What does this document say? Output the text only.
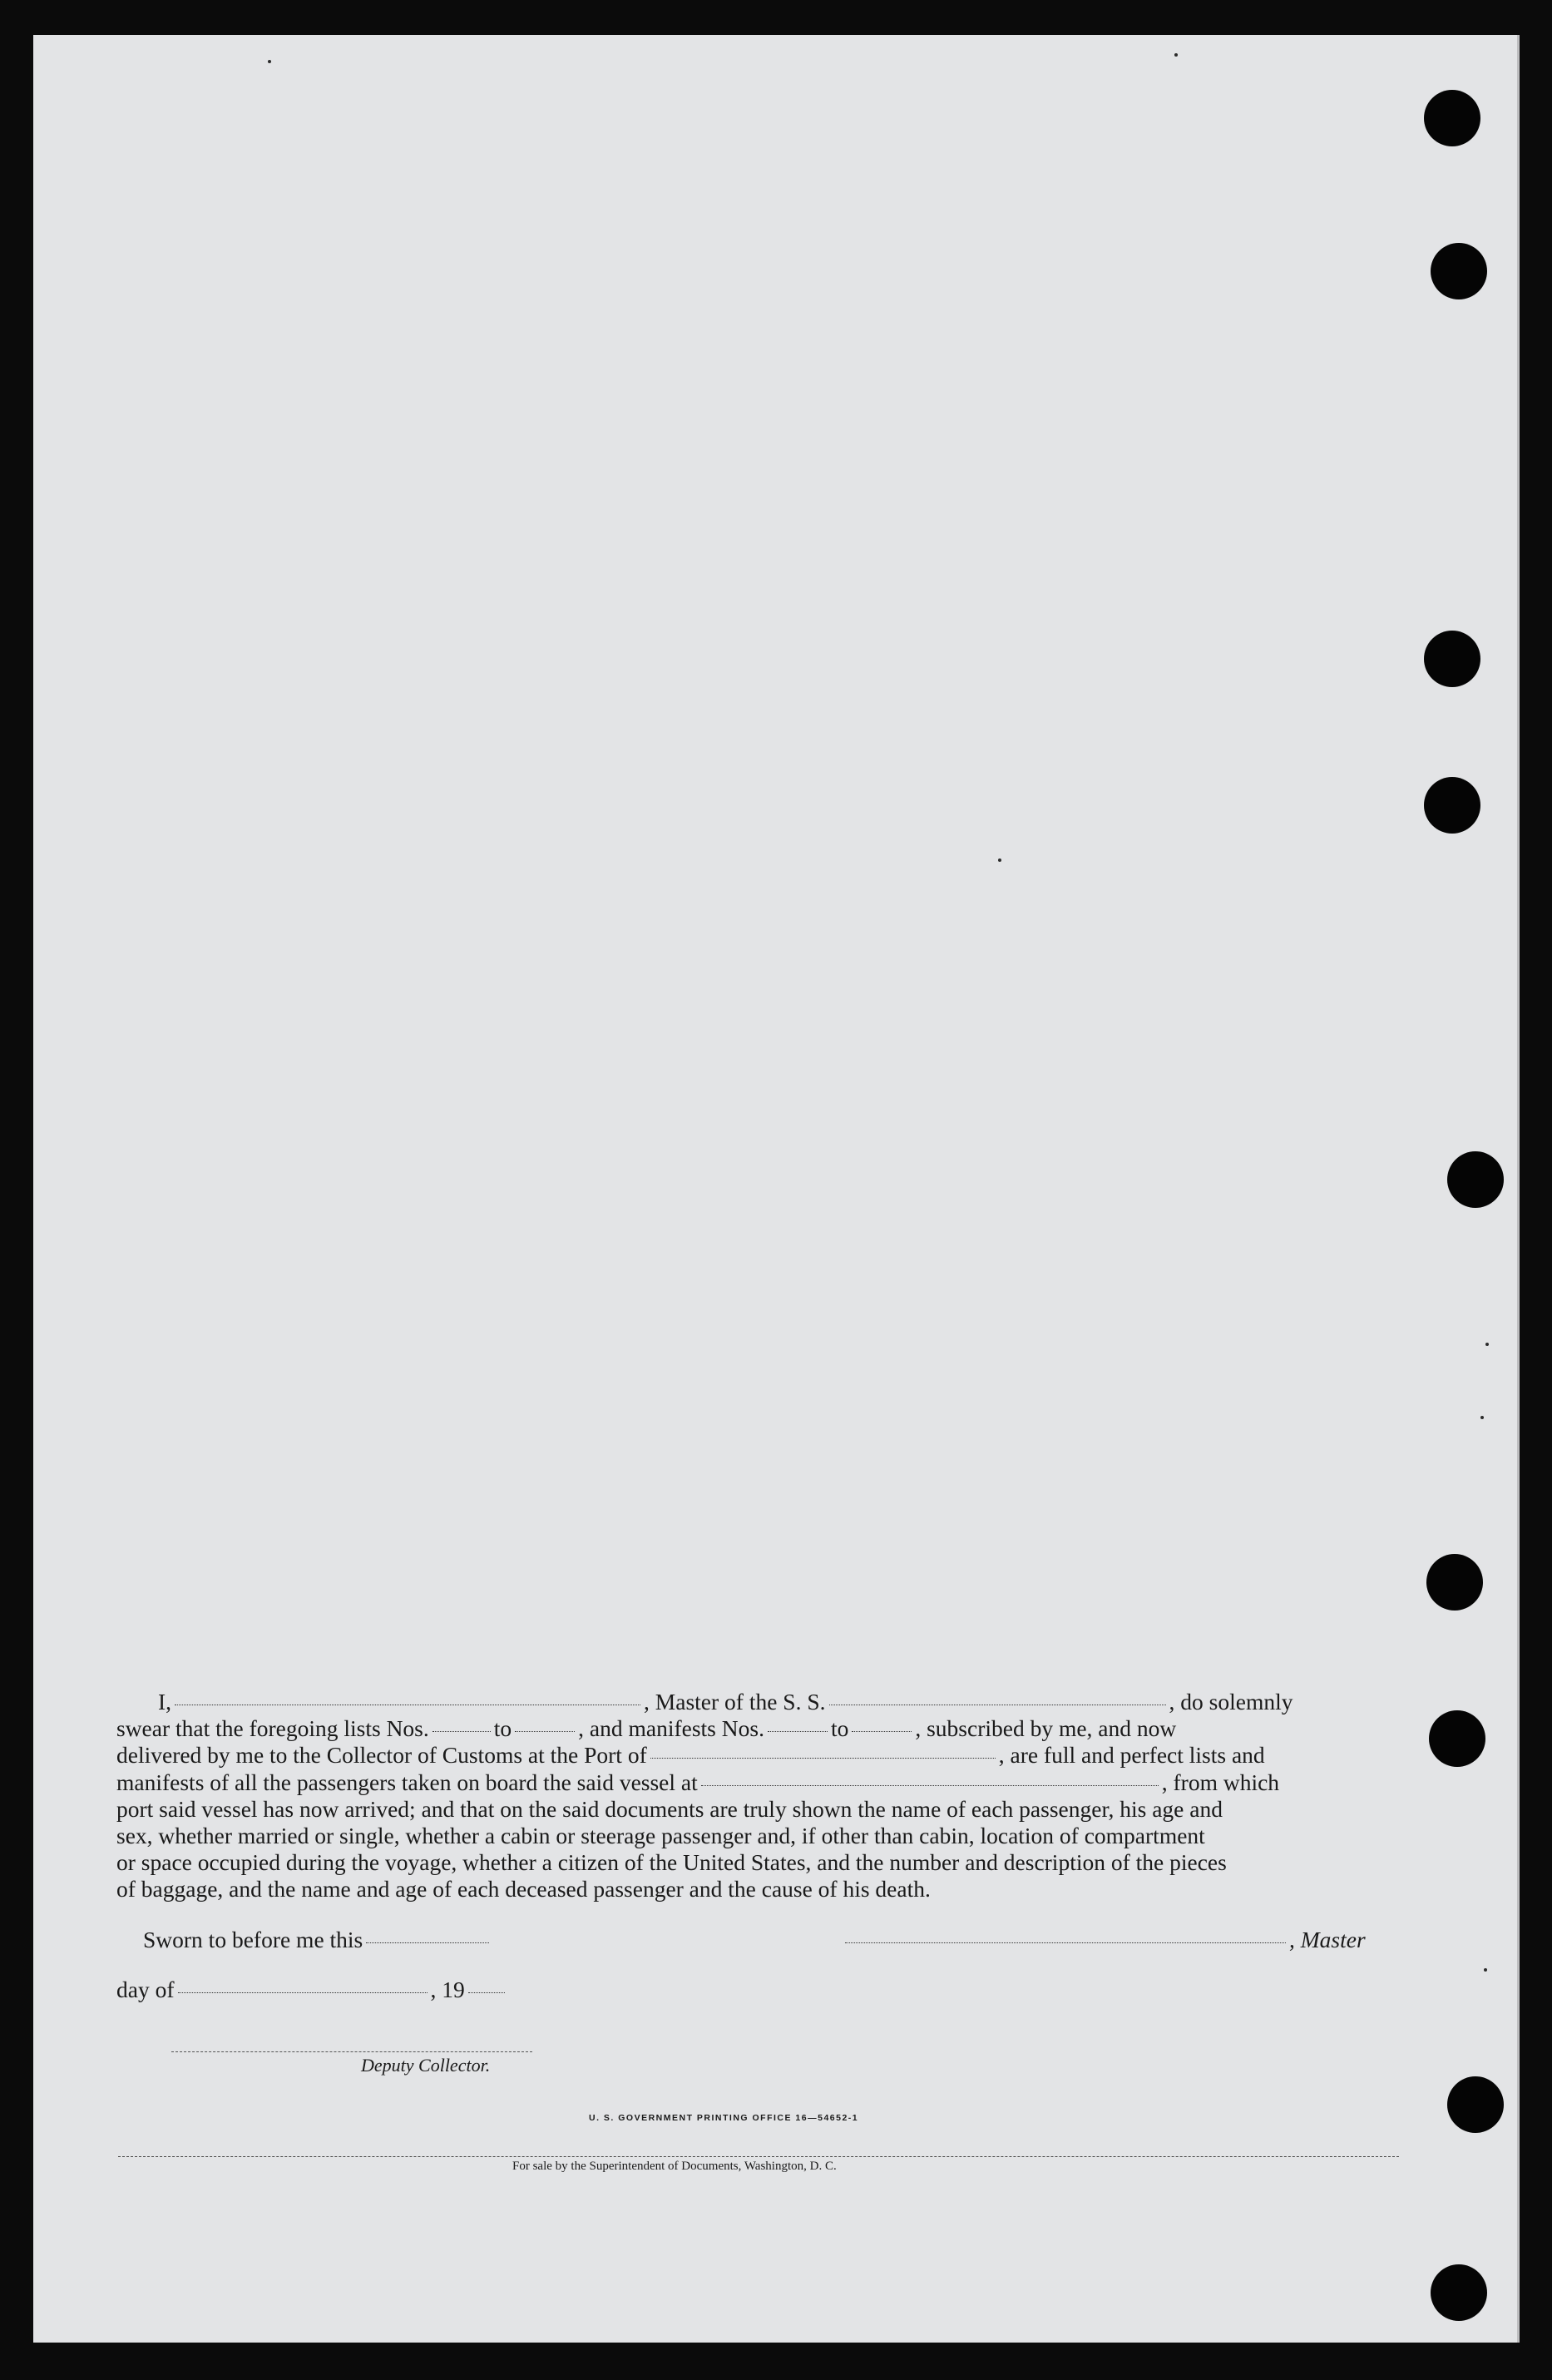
I,	, Master of the S. S.	, do solemnly
swear that the foregoing lists Nos.	to	, and manifests Nos.	to	, subscribed by me, and now
delivered by me to the Collector of Customs at the Port of	, are full and perfect lists and
manifests of all the passengers taken on board the said vessel at	, from which
port said vessel has now arrived; and that on the said documents are truly shown the name of each passenger, his age and
sex, whether married or single, whether a cabin or steerage passenger and, if other than cabin, location of compartment
or space occupied during the voyage, whether a citizen of the United States, and the number and description of the pieces
of baggage, and the name and age of each deceased passenger and the cause of his death.
Sworn to before me this	, Master
day of	, 19
Deputy Collector.
U. S. GOVERNMENT PRINTING OFFICE 16—54652-1
For sale by the Superintendent of Documents, Washington, D. C.
